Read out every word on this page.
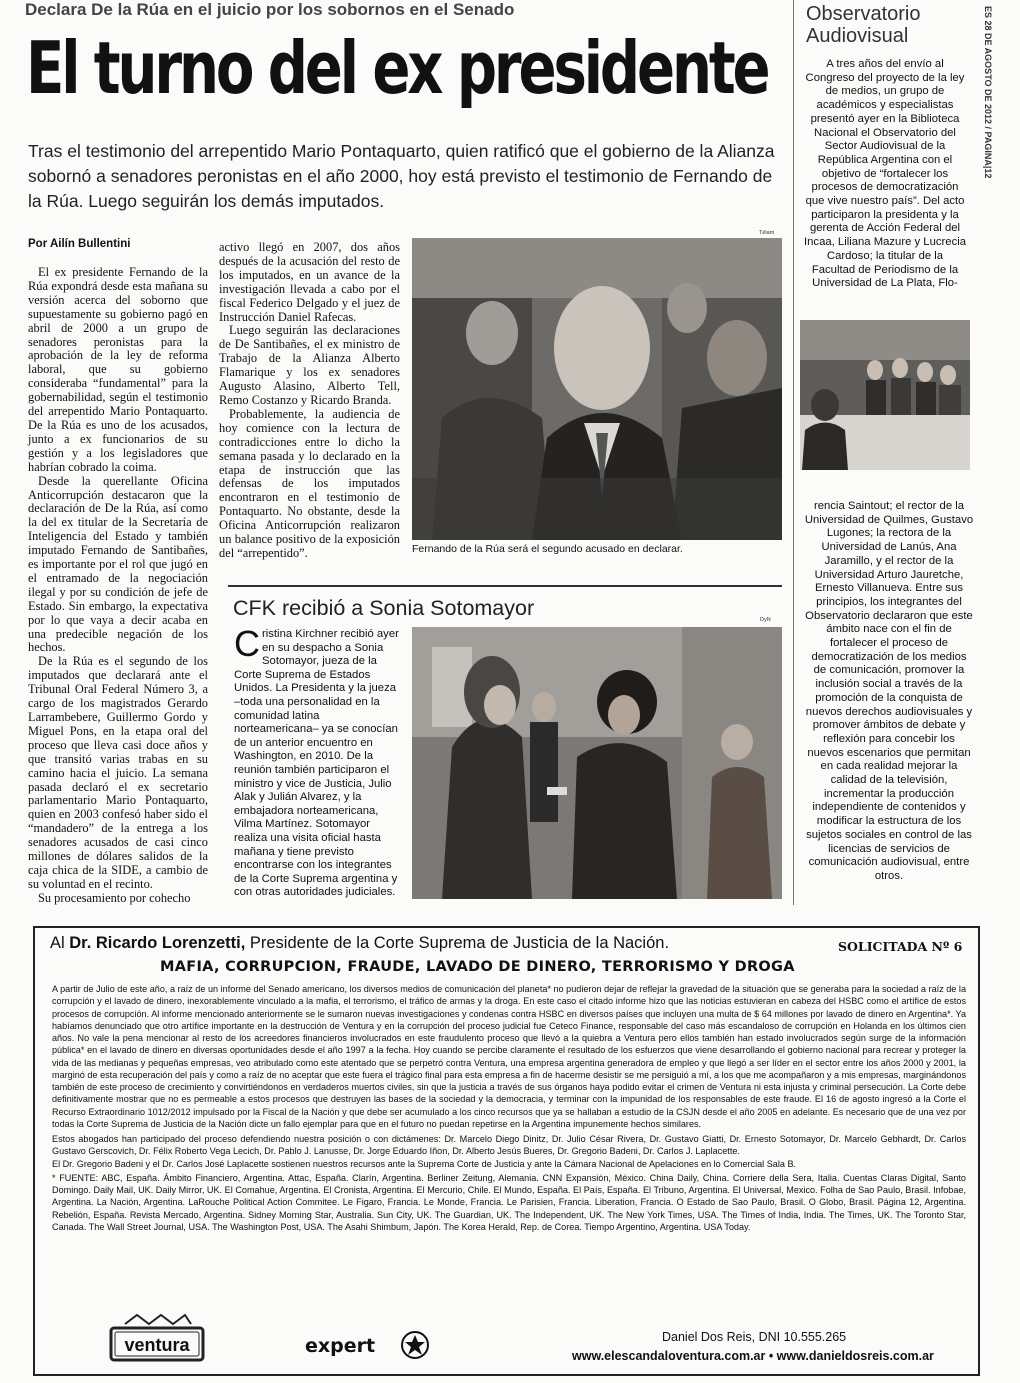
Declara De la Rúa en el juicio por los sobornos en el Senado
El turno del ex presidente
Tras el testimonio del arrepentido Mario Pontaquarto, quien ratificó que el gobierno de la Alianza sobornó a senadores peronistas en el año 2000, hoy está previsto el testimonio de Fernando de la Rúa. Luego seguirán los demás imputados.
Por Ailín Bullentini

El ex presidente Fernando de la Rúa expondrá desde esta mañana su versión acerca del soborno que supuestamente su gobierno pagó en abril de 2000 a un grupo de senadores peronistas para la aprobación de la ley de reforma laboral, que su gobierno consideraba “fundamental” para la gobernabilidad, según el testimonio del arrepentido Mario Pontaquarto. De la Rúa es uno de los acusados, junto a ex funcionarios de su gestión y a los legisladores que habrían cobrado la coima.

Desde la querellante Oficina Anticorrupción destacaron que la declaración de De la Rúa, así como la del ex titular de la Secretaría de Inteligencia del Estado y también imputado Fernando de Santibañes, es importante por el rol que jugó en el entramado de la negociación ilegal y por su condición de jefe de Estado. Sin embargo, la expectativa por lo que vaya a decir acaba en una predecible negación de los hechos.

De la Rúa es el segundo de los imputados que declarará ante el Tribunal Oral Federal Número 3, a cargo de los magistrados Gerardo Larrambebere, Guillermo Gordo y Miguel Pons, en la etapa oral del proceso que lleva casi doce años y que transitó varias trabas en su camino hacia el juicio. La semana pasada declaró el ex secretario parlamentario Mario Pontaquarto, quien en 2003 confesó haber sido el “mandadero” de la entrega a los senadores acusados de casi cinco millones de dólares salidos de la caja chica de la SIDE, a cambio de su voluntad en el recinto.

Su procesamiento por cohecho

activo llegó en 2007, dos años después de la acusación del resto de los imputados, en un avance de la investigación llevada a cabo por el fiscal Federico Delgado y el juez de Instrucción Daniel Rafecas.

Luego seguirán las declaraciones de De Santibañes, el ex ministro de Trabajo de la Alianza Alberto Flamarique y los ex senadores Augusto Alasino, Alberto Tell, Remo Costanzo y Ricardo Branda.

Probablemente, la audiencia de hoy comience con la lectura de contradicciones entre lo dicho la semana pasada y lo declarado en la etapa de instrucción que las defensas de los imputados encontraron en el testimonio de Pontaquarto. No obstante, desde la Oficina Anticorrupción realizaron un balance positivo de la exposición del “arrepentido”.

Télam
Fernando de la Rúa será el segundo acusado en declarar.
CFK recibió a Sonia Sotomayor	DyN
Cristina Kirchner recibió ayer en su despacho a Sonia Sotomayor, jueza de la Corte Suprema de Estados Unidos. La Presidenta y la jueza –toda una personalidad en la comunidad latina norteamericana– ya se conocían de un anterior encuentro en Washington, en 2010. De la reunión también participaron el ministro y vice de Justicia, Julio Alak y Julián Alvarez, y la embajadora norteamericana, Vilma Martínez. Sotomayor realiza una visita oficial hasta mañana y tiene previsto encontrarse con los integrantes de la Corte Suprema argentina y con otras autoridades judiciales.
Observatorio Audiovisual
A tres años del envío al Congreso del proyecto de la ley de medios, un grupo de académicos y especialistas presentó ayer en la Biblioteca Nacional el Observatorio del Sector Audiovisual de la República Argentina con el objetivo de “fortalecer los procesos de democratización que vive nuestro país”. Del acto participaron la presidenta y la gerenta de Acción Federal del Incaa, Liliana Mazure y Lucrecia Cardoso; la titular de la Facultad de Periodismo de la Universidad de La Plata, Flo-
rencia Saintout; el rector de la Universidad de Quilmes, Gustavo Lugones; la rectora de la Universidad de Lanús, Ana Jaramillo, y el rector de la Universidad Arturo Jauretche, Ernesto Villanueva. Entre sus principios, los integrantes del Observatorio declararon que este ámbito nace con el fin de fortalecer el proceso de democratización de los medios de comunicación, promover la inclusión social a través de la promoción de la conquista de nuevos derechos audiovisuales y promover ámbitos de debate y reflexión para concebir los nuevos escenarios que permitan en cada realidad mejorar la calidad de la televisión, incrementar la producción independiente de contenidos y modificar la estructura de los sujetos sociales en control de las licencias de servicios de comunicación audiovisual, entre otros.
ES 28 DE AGOSTO DE 2012 / PAGINA|12
Al Dr. Ricardo Lorenzetti, Presidente de la Corte Suprema de Justicia de la Nación.	SOLICITADA Nº 6
MAFIA, CORRUPCION, FRAUDE, LAVADO DE DINERO, TERRORISMO Y DROGA

A partir de Julio de este año, a raíz de un informe del Senado americano, los diversos medios de comunicación del planeta* no pudieron dejar de reflejar la gravedad de la situación que se generaba para la sociedad a raíz de la corrupción y el lavado de dinero, inexorablemente vinculado a la mafia, el terrorismo, el tráfico de armas y la droga. En este caso el citado informe hizo que las noticias estuvieran en cabeza del HSBC como el artífice de estos procesos de corrupción. Al informe mencionado anteriormente se le sumaron nuevas investigaciones y condenas contra HSBC en diversos países que incluyen una multa de $ 64 millones por lavado de dinero en Argentina*. Ya habíamos denunciado que otro artífice importante en la destrucción de Ventura y en la corrupción del proceso judicial fue Ceteco Finance, responsable del caso más escandaloso de corrupción en Holanda en los últimos cien años. No vale la pena mencionar al resto de los acreedores financieros involucrados en este fraudulento proceso que llevó a la quiebra a Ventura pero ellos también han estado involucrados según surge de la información pública* en el lavado de dinero en diversas oportunidades desde el año 1997 a la fecha. Hoy cuando se percibe claramente el resultado de los esfuerzos que viene desarrollando el gobierno nacional para recrear y proteger la vida de las medianas y pequeñas empresas, veo atribulado como este atentado que se perpetró contra Ventura, una empresa argentina generadora de empleo y que llegó a ser líder en el sector entre los años 2000 y 2001, la marginó de esta recuperación del país y como a raíz de no aceptar que este fuera el trágico final para esta empresa a fin de hacerme desistir se me persiguió a mí, a los que me acompañaron y a mis empresas, marginándonos también de este proceso de crecimiento y convirtiéndonos en verdaderos muertos civiles, sin que la justicia a través de sus órganos haya podido evitar el crimen de Ventura ni esta injusta y criminal persecución. La Corte debe definitivamente mostrar que no es permeable a estos procesos que destruyen las bases de la sociedad y la democracia, y terminar con la impunidad de los responsables de este fraude. El 16 de agosto ingresó a la Corte el Recurso Extraordinario 1012/2012 impulsado por la Fiscal de la Nación y que debe ser acumulado a los cinco recursos que ya se hallaban a estudio de la CSJN desde el año 2005 en adelante. Es necesario que de una vez por todas la Corte Suprema de Justicia de la Nación dicte un fallo ejemplar para que en el futuro no puedan repetirse en la Argentina impunemente hechos similares.

Estos abogados han participado del proceso defendiendo nuestra posición o con dictámenes: Dr. Marcelo Diego Dinitz, Dr. Julio César Rivera, Dr. Gustavo Giatti, Dr. Ernesto Sotomayor, Dr. Marcelo Gebhardt, Dr. Carlos Gustavo Gerscovich, Dr. Félix Roberto Vega Lecich, Dr. Pablo J. Lanusse, Dr. Jorge Eduardo Iñon, Dr. Alberto Jesús Bueres, Dr. Gregorio Badeni, Dr. Carlos J. Laplacette.

El Dr. Gregorio Badeni y el Dr. Carlos José Laplacette sostienen nuestros recursos ante la Suprema Corte de Justicia y ante la Cámara Nacional de Apelaciones en lo Comercial Sala B.

* FUENTE: ABC, España. Ámbito Financiero, Argentina. Attac, España. Clarín, Argentina. Berliner Zeitung, Alemania. CNN Expansión, México. China Daily, China. Corriere della Sera, Italia. Cuentas Claras Digital, Santo Domingo. Daily Mail, UK. Daily Mirror, UK. El Comahue, Argentina. El Cronista, Argentina. El Mercurio, Chile. El Mundo, España. El País, España. El Tribuno, Argentina. El Universal, Mexico. Folha de Sao Paulo, Brasil. Infobae, Argentina. La Nación, Argentina. LaRouche Political Action Commitee. Le Figaro, Francia. Le Monde, Francia. Le Parisien, Francia. Liberation, Francia. O Estado de Sao Paulo, Brasil. O Globo, Brasil. Página 12, Argentina. Rebelión, España. Revista Mercado, Argentina. Sidney Morning Star, Australia. Sun City, UK. The Guardian, UK. The Independent, UK. The New York Times, USA. The Times of India, India. The Times, UK. The Toronto Star, Canada. The Wall Street Journal, USA. The Washington Post, USA. The Asahi Shimbum, Japón. The Korea Herald, Rep. de Corea. Tiempo Argentino, Argentina. USA Today.

ventura	expert	Daniel Dos Reis, DNI 10.555.265
www.elescandaloventura.com.ar • www.danieldosreis.com.ar
